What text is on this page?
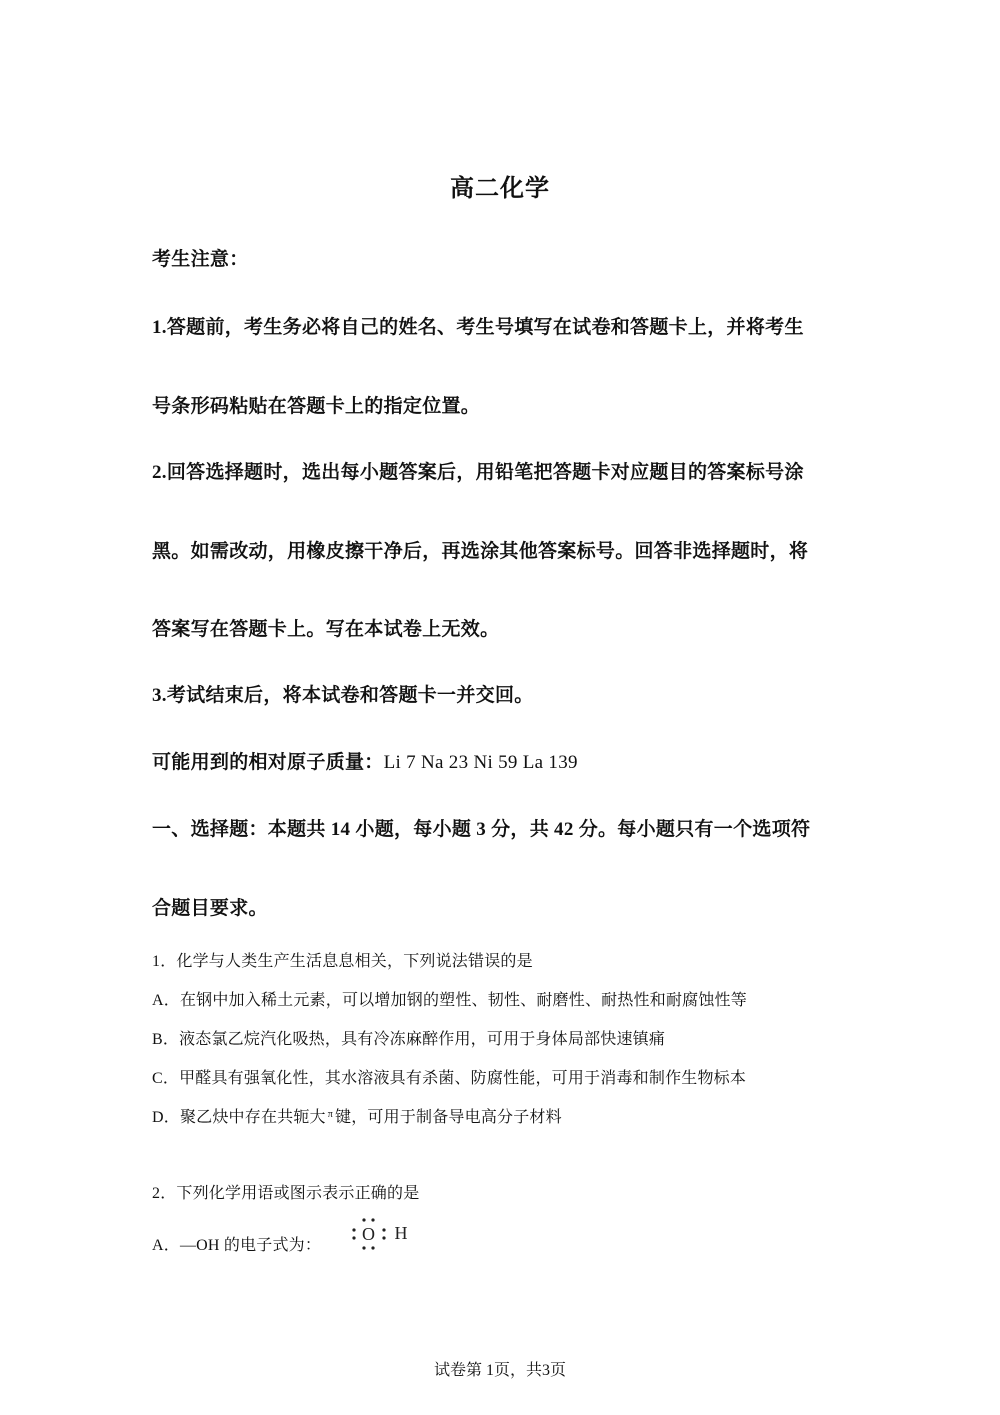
高二化学
考生注意：
1.答题前，考生务必将自己的姓名、考生号填写在试卷和答题卡上，并将考生
号条形码粘贴在答题卡上的指定位置。
2.回答选择题时，选出每小题答案后，用铅笔把答题卡对应题目的答案标号涂
黑。如需改动，用橡皮擦干净后，再选涂其他答案标号。回答非选择题时，将
答案写在答题卡上。写在本试卷上无效。
3.考试结束后，将本试卷和答题卡一并交回。
可能用到的相对原子质量：Li 7 Na 23 Ni 59 La 139
一、选择题：本题共 14 小题，每小题 3 分，共 42 分。每小题只有一个选项符
合题目要求。
1．化学与人类生产生活息息相关，下列说法错误的是
A．在钢中加入稀土元素，可以增加钢的塑性、韧性、耐磨性、耐热性和耐腐蚀性等
B．液态氯乙烷汽化吸热，具有冷冻麻醉作用，可用于身体局部快速镇痛
C．甲醛具有强氧化性，其水溶液具有杀菌、防腐性能，可用于消毒和制作生物标本
D．聚乙炔中存在共轭大 $^\pi$ 键，可用于制备导电高分子材料
2．下列化学用语或图示表示正确的是
A．—OH 的电子式为：
O H
试卷第 1页，共3页
